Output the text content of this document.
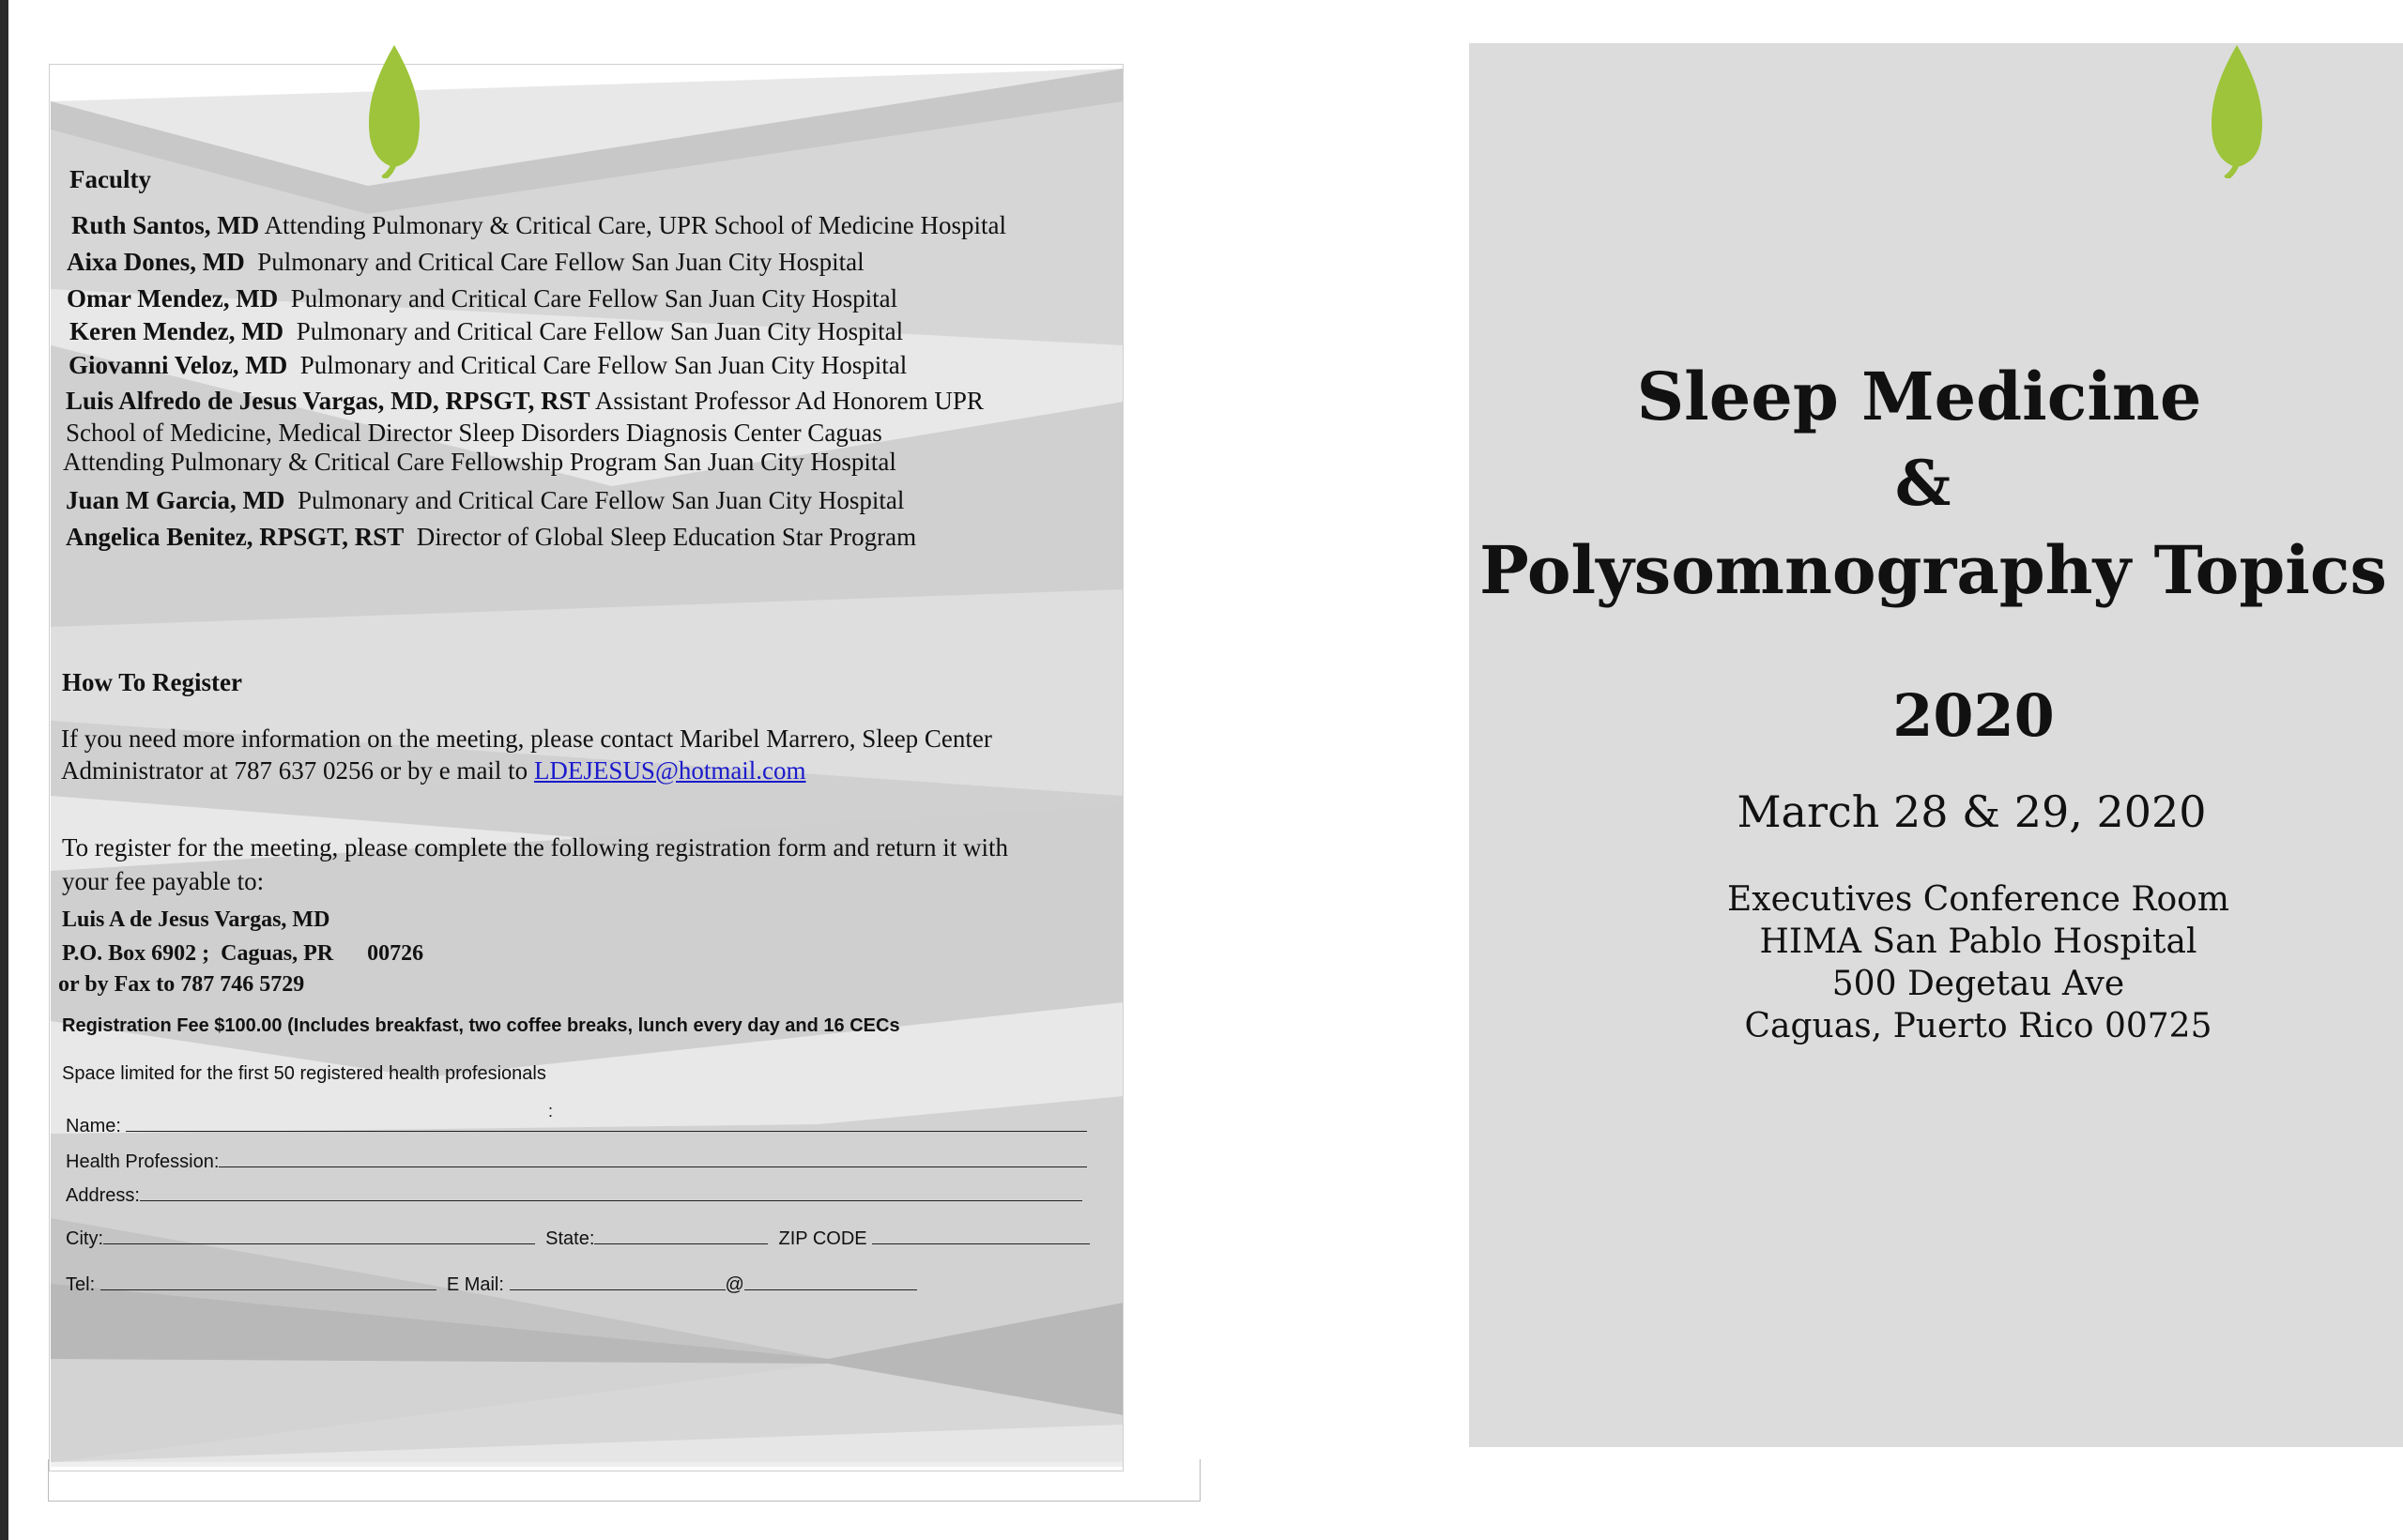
Faculty
Ruth Santos, MD Attending Pulmonary & Critical Care, UPR School of Medicine Hospital
Aixa Dones, MD Pulmonary and Critical Care Fellow San Juan City Hospital
Omar Mendez, MD Pulmonary and Critical Care Fellow San Juan City Hospital
Keren Mendez, MD Pulmonary and Critical Care Fellow San Juan City Hospital
Giovanni Veloz, MD Pulmonary and Critical Care Fellow San Juan City Hospital
Luis Alfredo de Jesus Vargas, MD, RPSGT, RST Assistant Professor Ad Honorem UPR
School of Medicine, Medical Director Sleep Disorders Diagnosis Center Caguas
Attending Pulmonary & Critical Care Fellowship Program San Juan City Hospital
Juan M Garcia, MD Pulmonary and Critical Care Fellow San Juan City Hospital
Angelica Benitez, RPSGT, RST Director of Global Sleep Education Star Program
How To Register
If you need more information on the meeting, please contact Maribel Marrero, Sleep Center
Administrator at 787 637 0256 or by e mail to LDEJESUS@hotmail.com
To register for the meeting, please complete the following registration form and return it with
your fee payable to:
Luis A de Jesus Vargas, MD
P.O. Box 6902 ;  Caguas, PR      00726
or by Fax to 787 746 5729
Registration Fee $100.00 (Includes breakfast, two coffee breaks, lunch every day and 16 CECs
Space limited for the first 50 registered health profesionals
:
Name:
Health Profession:
Address:
City:	State:	ZIP CODE
Tel:	E Mail:	@
Sleep Medicine
&
Polysomnography Topics
2020
March 28 & 29, 2020
Executives Conference Room
HIMA San Pablo Hospital
500 Degetau Ave
Caguas, Puerto Rico 00725
